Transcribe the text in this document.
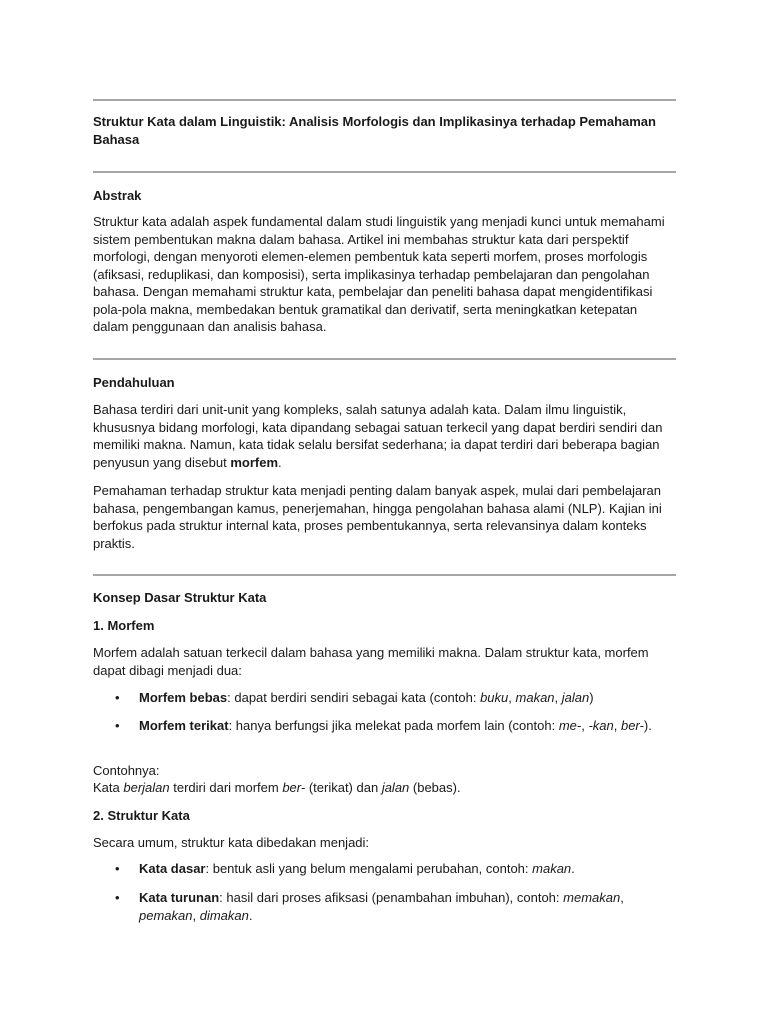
Struktur Kata dalam Linguistik: Analisis Morfologis dan Implikasinya terhadap Pemahaman Bahasa
Abstrak
Struktur kata adalah aspek fundamental dalam studi linguistik yang menjadi kunci untuk memahami sistem pembentukan makna dalam bahasa. Artikel ini membahas struktur kata dari perspektif morfologi, dengan menyoroti elemen-elemen pembentuk kata seperti morfem, proses morfologis (afiksasi, reduplikasi, dan komposisi), serta implikasinya terhadap pembelajaran dan pengolahan bahasa. Dengan memahami struktur kata, pembelajar dan peneliti bahasa dapat mengidentifikasi pola-pola makna, membedakan bentuk gramatikal dan derivatif, serta meningkatkan ketepatan dalam penggunaan dan analisis bahasa.
Pendahuluan
Bahasa terdiri dari unit-unit yang kompleks, salah satunya adalah kata. Dalam ilmu linguistik, khususnya bidang morfologi, kata dipandang sebagai satuan terkecil yang dapat berdiri sendiri dan memiliki makna. Namun, kata tidak selalu bersifat sederhana; ia dapat terdiri dari beberapa bagian penyusun yang disebut morfem.
Pemahaman terhadap struktur kata menjadi penting dalam banyak aspek, mulai dari pembelajaran bahasa, pengembangan kamus, penerjemahan, hingga pengolahan bahasa alami (NLP). Kajian ini berfokus pada struktur internal kata, proses pembentukannya, serta relevansinya dalam konteks praktis.
Konsep Dasar Struktur Kata
1. Morfem
Morfem adalah satuan terkecil dalam bahasa yang memiliki makna. Dalam struktur kata, morfem dapat dibagi menjadi dua:
• Morfem bebas: dapat berdiri sendiri sebagai kata (contoh: buku, makan, jalan)
• Morfem terikat: hanya berfungsi jika melekat pada morfem lain (contoh: me-, -kan, ber-).
Contohnya:
Kata berjalan terdiri dari morfem ber- (terikat) dan jalan (bebas).
2. Struktur Kata
Secara umum, struktur kata dibedakan menjadi:
• Kata dasar: bentuk asli yang belum mengalami perubahan, contoh: makan.
• Kata turunan: hasil dari proses afiksasi (penambahan imbuhan), contoh: memakan, pemakan, dimakan.
